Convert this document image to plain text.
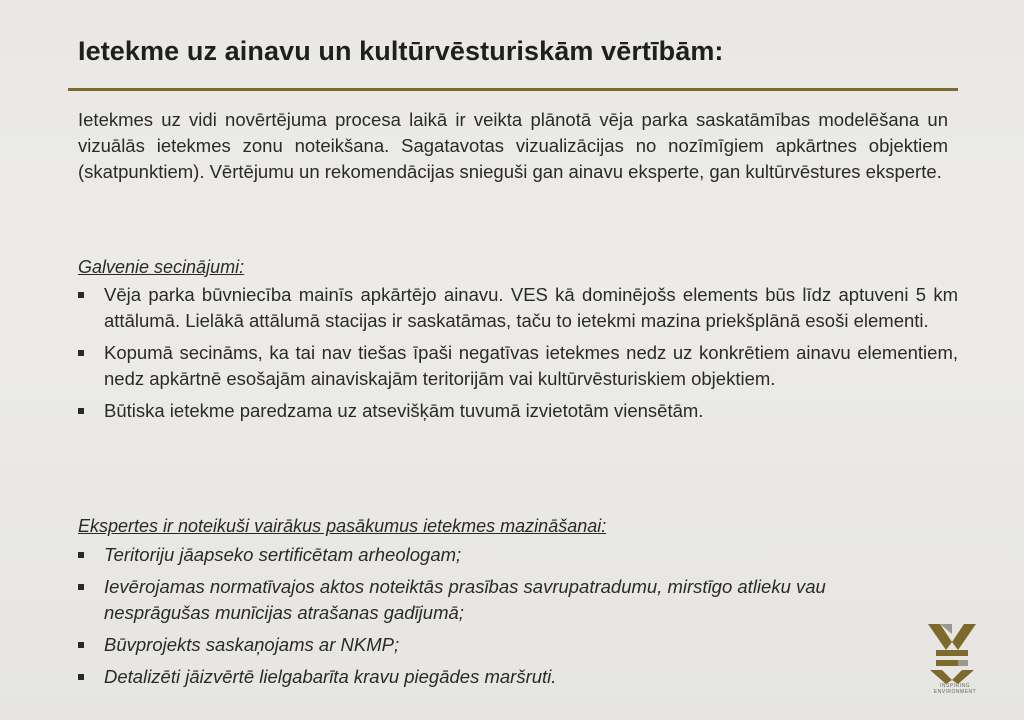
Ietekme uz ainavu un kultūrvēsturiskām vērtībām:

Ietekmes uz vidi novērtējuma procesa laikā ir veikta plānotā vēja parka saskatāmības modelēšana un vizuālās ietekmes zonu noteikšana. Sagatavotas vizualizācijas no nozīmīgiem apkārtnes objektiem (skatpunktiem). Vērtējumu un rekomendācijas snieguši gan ainavu eksperte, gan kultūrvēstures eksperte.

Galvenie secinājumi:

Vēja parka būvniecība mainīs apkārtējo ainavu. VES kā dominējošs elements būs līdz aptuveni 5 km attālumā. Lielākā attālumā stacijas ir saskatāmas, taču to ietekmi mazina priekšplānā esoši elementi.
Kopumā secināms, ka tai nav tiešas īpaši negatīvas ietekmes nedz uz konkrētiem ainavu elementiem, nedz apkārtnē esošajām ainaviskajām teritorijām vai kultūrvēsturiskiem objektiem.
Būtiska ietekme paredzama uz atsevišķām tuvumā izvietotām viensētām.

Ekspertes ir noteikuši vairākus pasākumus ietekmes mazināšanai:

Teritoriju jāapseko sertificētam arheologam;
Ievērojamas normatīvajos aktos noteiktās prasības savrupatradumu, mirstīgo atlieku vau nesprāgušas munīcijas atrašanas gadījumā;
Būvprojekts saskaņojams ar NKMP;
Detalizēti jāizvērtē lielgabarīta kravu piegādes maršruti.	INSPIRING ENVIRONMENT
